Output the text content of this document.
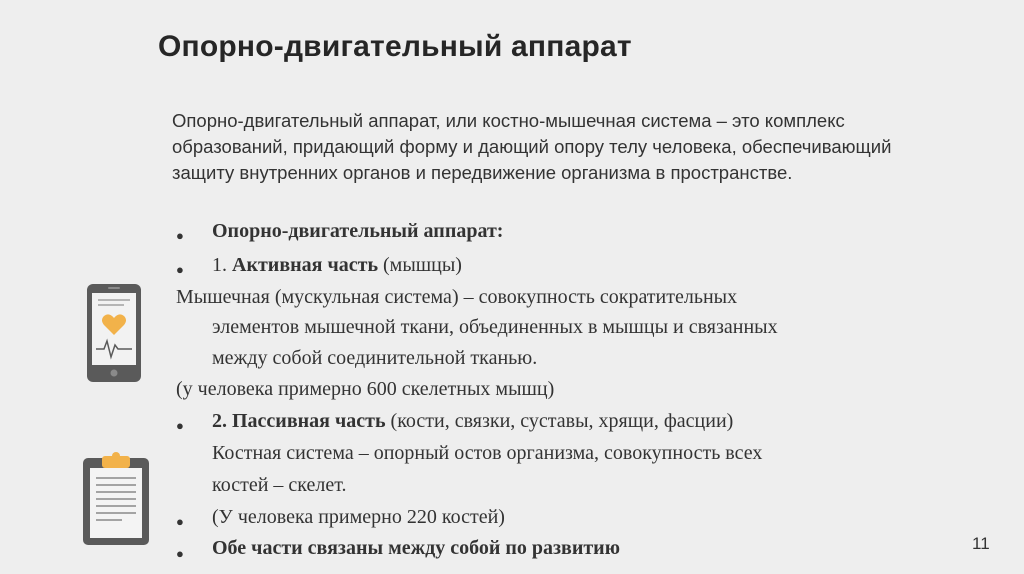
Опорно-двигательный аппарат
Опорно-двигательный аппарат, или костно-мышечная система – это комплекс образований, придающий форму и дающий опору телу человека, обеспечивающий защиту внутренних органов и передвижение организма в пространстве.
● Опорно-двигательный аппарат:
● 1. Активная часть (мышцы)
Мышечная (мускульная система) – совокупность сократительных
элементов мышечной ткани, объединенных в мышцы и связанных
между собой соединительной тканью.
(у человека примерно 600 скелетных мышц)
● 2. Пассивная часть (кости, связки, суставы, хрящи, фасции)
Костная система – опорный остов организма, совокупность всех
костей – скелет.
● (У человека примерно 220 костей)
● Обе части связаны между собой по развитию	11
